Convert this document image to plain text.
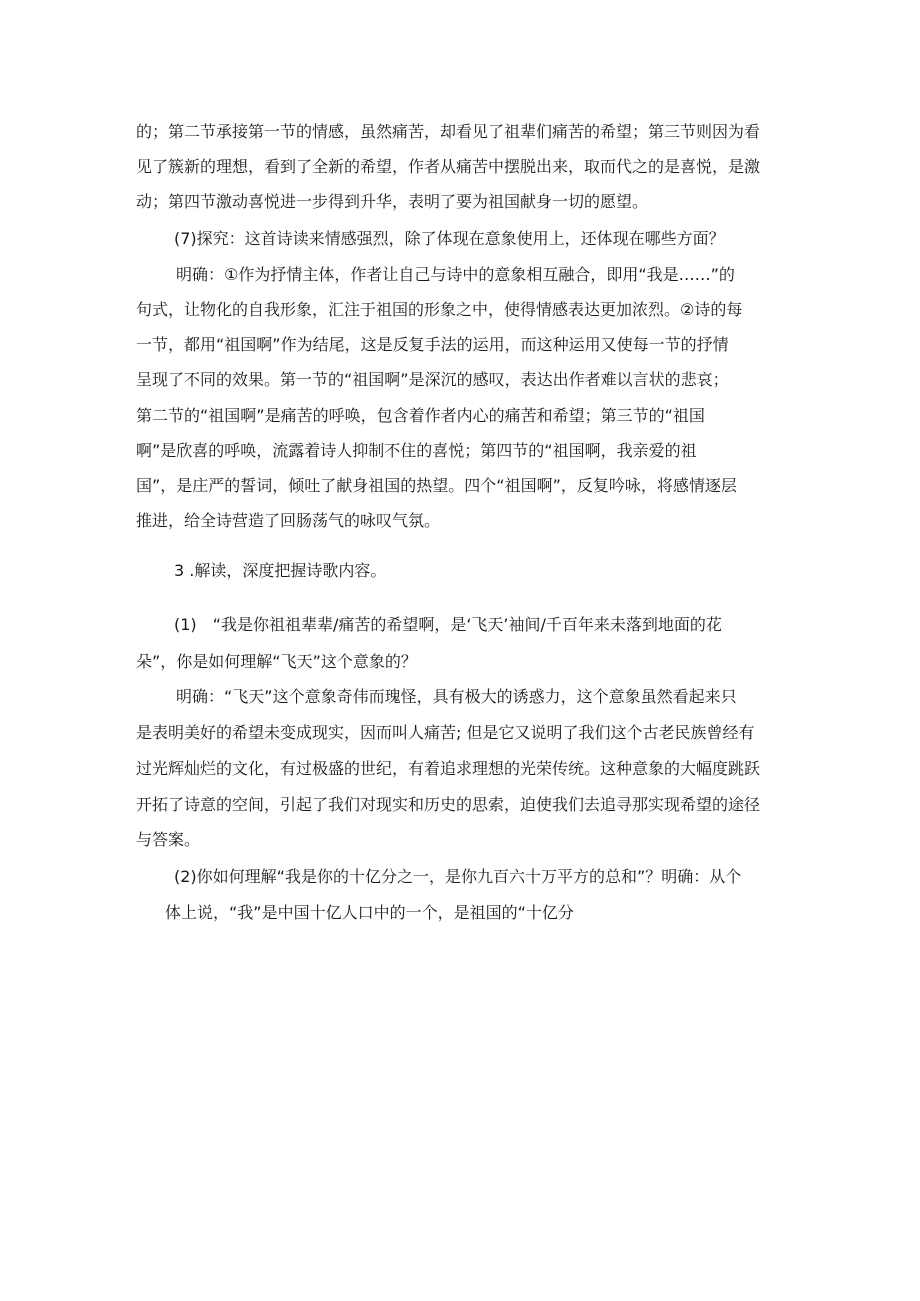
的；第二节承接第一节的情感，虽然痛苦，却看见了祖辈们痛苦的希望；第三节则因为看
见了簇新的理想，看到了全新的希望，作者从痛苦中摆脱出来，取而代之的是喜悦，是激
动；第四节激动喜悦进一步得到升华，表明了要为祖国献身一切的愿望。
(7)探究：这首诗读来情感强烈，除了体现在意象使用上，还体现在哪些方面？
明确：①作为抒情主体，作者让自己与诗中的意象相互融合，即用“我是……”的
句式，让物化的自我形象，汇注于祖国的形象之中，使得情感表达更加浓烈。②诗的每
一节，都用“祖国啊”作为结尾，这是反复手法的运用，而这种运用又使每一节的抒情
呈现了不同的效果。第一节的“祖国啊”是深沉的感叹，表达出作者难以言状的悲哀；
第二节的“祖国啊”是痛苦的呼唤，包含着作者内心的痛苦和希望；第三节的“祖国
啊”是欣喜的呼唤，流露着诗人抑制不住的喜悦；第四节的“祖国啊，我亲爱的祖
国”，是庄严的誓词，倾吐了献身祖国的热望。四个“祖国啊”，反复吟咏，将感情逐层
推进，给全诗营造了回肠荡气的咏叹气氛。
3 .解读，深度把握诗歌内容。
(1)　“我是你祖祖辈辈/痛苦的希望啊，是‘飞天’袖间/千百年来未落到地面的花
朵”，你是如何理解“飞天”这个意象的？
明确：“飞天”这个意象奇伟而瑰怪，具有极大的诱惑力，这个意象虽然看起来只
是表明美好的希望未变成现实，因而叫人痛苦; 但是它又说明了我们这个古老民族曾经有
过光辉灿烂的文化，有过极盛的世纪，有着追求理想的光荣传统。这种意象的大幅度跳跃
开拓了诗意的空间，引起了我们对现实和历史的思索，迫使我们去追寻那实现希望的途径
与答案。
(2)你如何理解“我是你的十亿分之一，是你九百六十万平方的总和”？明确：从个
体上说，“我”是中国十亿人口中的一个，是祖国的“十亿分
